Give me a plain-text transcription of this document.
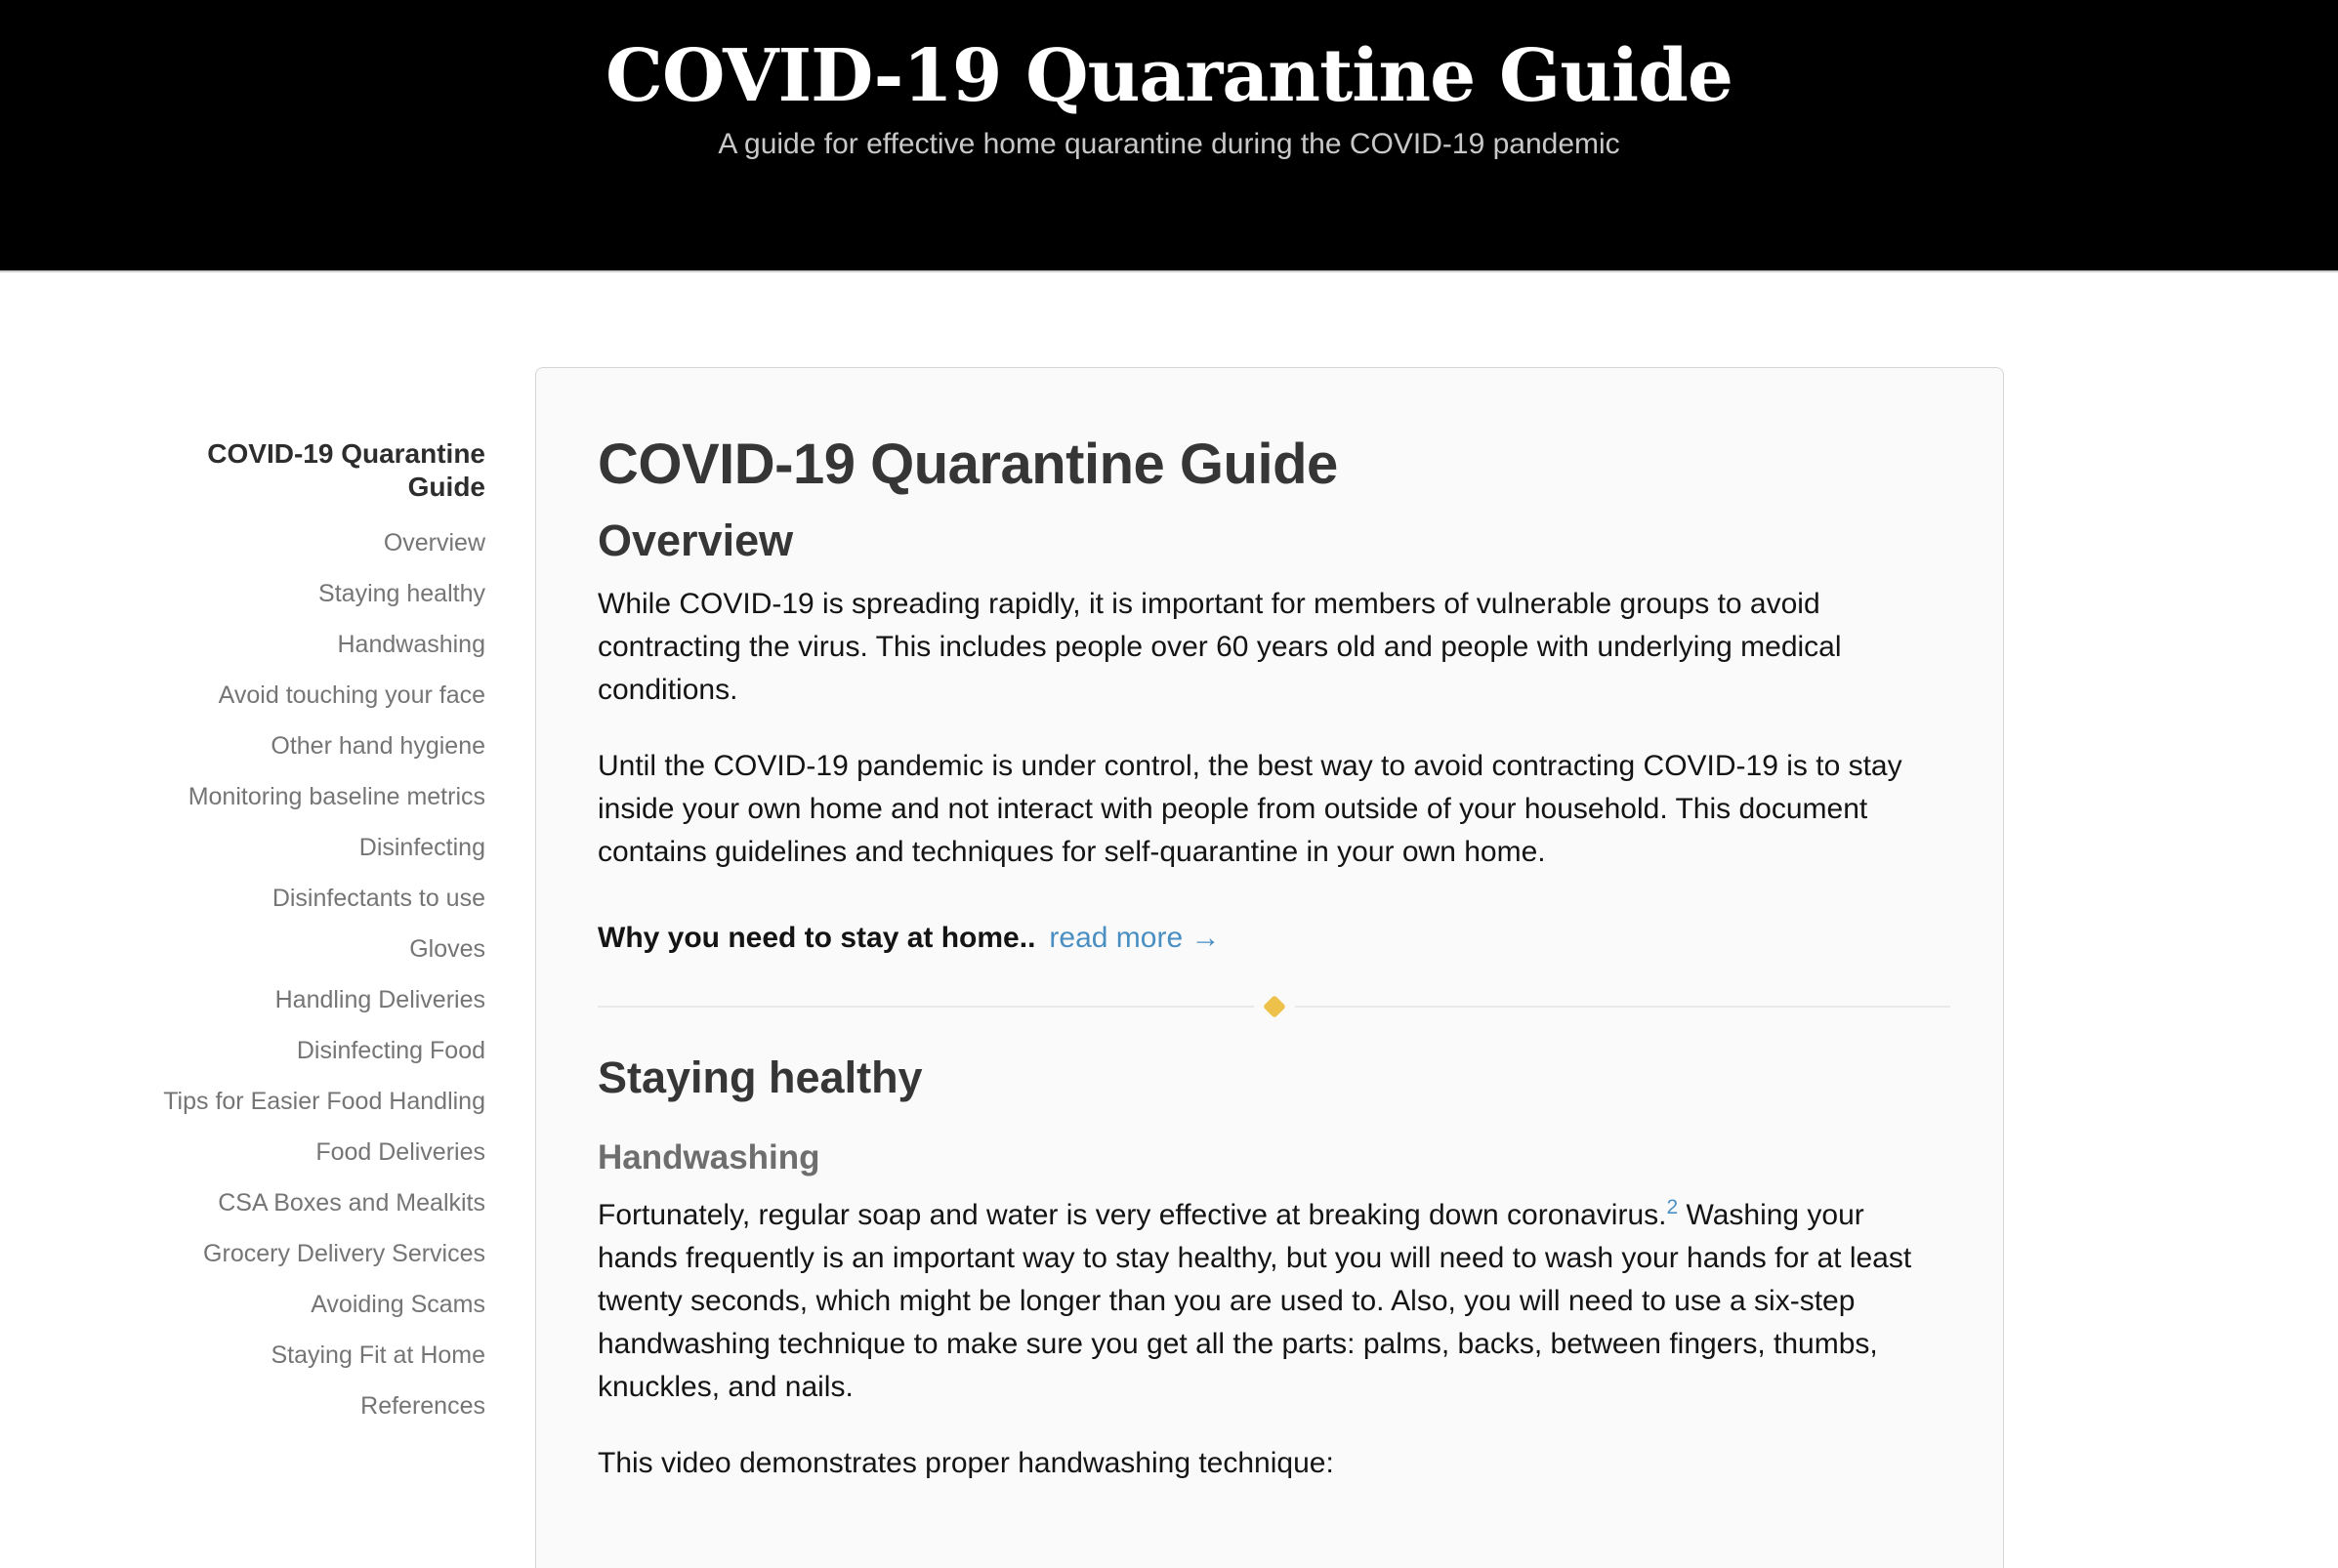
COVID-19 Quarantine Guide
A guide for effective home quarantine during the COVID-19 pandemic
COVID-19 Quarantine Guide
Overview
Staying healthy
Handwashing
Avoid touching your face
Other hand hygiene
Monitoring baseline metrics
Disinfecting
Disinfectants to use
Gloves
Handling Deliveries
Disinfecting Food
Tips for Easier Food Handling
Food Deliveries
CSA Boxes and Mealkits
Grocery Delivery Services
Avoiding Scams
Staying Fit at Home
References
COVID-19 Quarantine Guide
Overview

While COVID-19 is spreading rapidly, it is important for members of vulnerable groups to avoid contracting the virus. This includes people over 60 years old and people with underlying medical conditions.

Until the COVID-19 pandemic is under control, the best way to avoid contracting COVID-19 is to stay inside your own home and not interact with people from outside of your household. This document contains guidelines and techniques for self-quarantine in your own home.

Why you need to stay at home.. read more →
Staying healthy
Handwashing

Fortunately, regular soap and water is very effective at breaking down coronavirus.$^2$ Washing your hands frequently is an important way to stay healthy, but you will need to wash your hands for at least twenty seconds, which might be longer than you are used to. Also, you will need to use a six-step handwashing technique to make sure you get all the parts: palms, backs, between fingers, thumbs, knuckles, and nails.

This video demonstrates proper handwashing technique:
